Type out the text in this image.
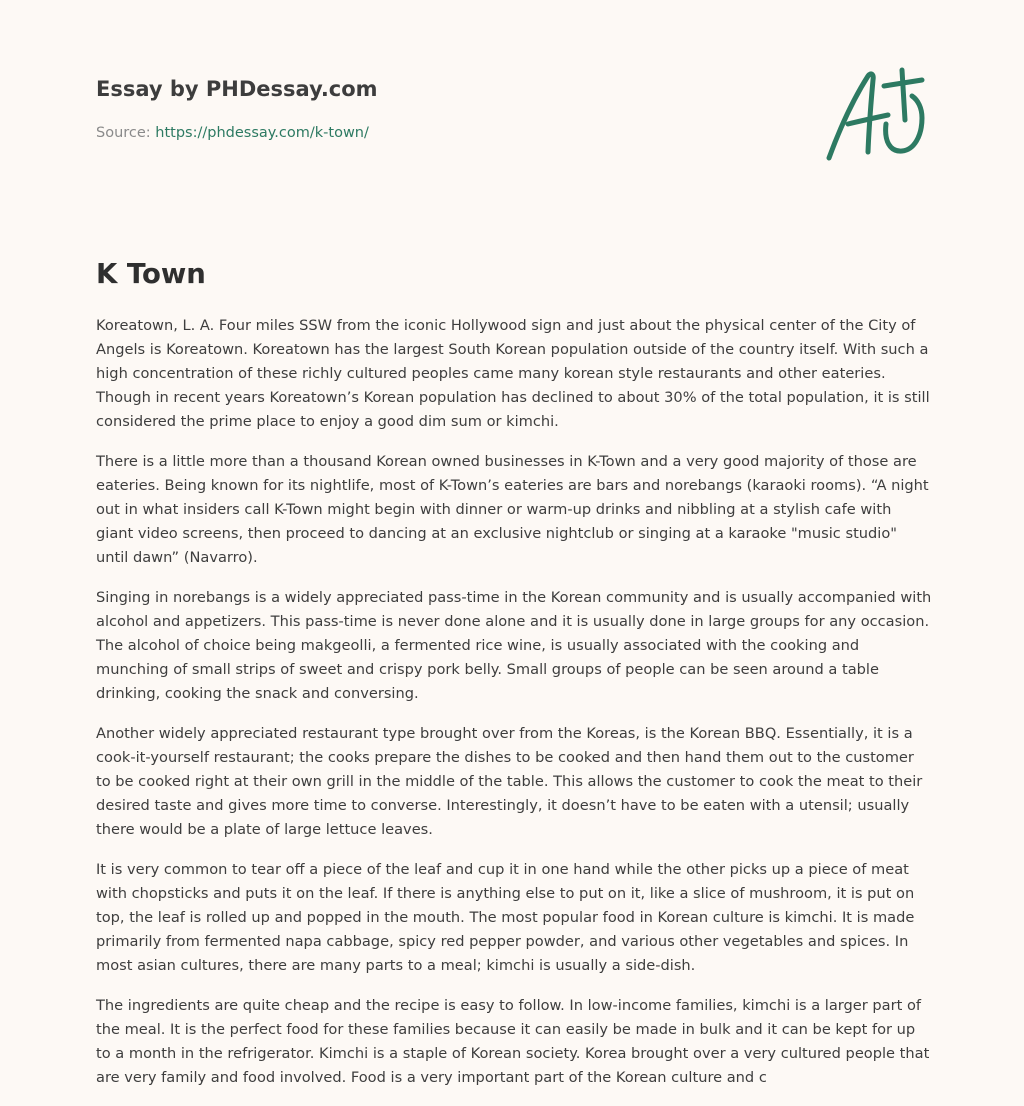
Essay by PHDessay.com
Source: https://phdessay.com/k-town/
K Town

Koreatown, L. A. Four miles SSW from the iconic Hollywood sign and just about the physical center of the City of Angels is Koreatown. Koreatown has the largest South Korean population outside of the country itself. With such a high concentration of these richly cultured peoples came many korean style restaurants and other eateries. Though in recent years Koreatown’s Korean population has declined to about 30% of the total population, it is still considered the prime place to enjoy a good dim sum or kimchi.

There is a little more than a thousand Korean owned businesses in K-Town and a very good majority of those are eateries. Being known for its nightlife, most of K-Town’s eateries are bars and norebangs (karaoki rooms). “A night out in what insiders call K-Town might begin with dinner or warm-up drinks and nibbling at a stylish cafe with giant video screens, then proceed to dancing at an exclusive nightclub or singing at a karaoke "music studio" until dawn” (Navarro).

Singing in norebangs is a widely appreciated pass-time in the Korean community and is usually accompanied with alcohol and appetizers. This pass-time is never done alone and it is usually done in large groups for any occasion. The alcohol of choice being makgeolli, a fermented rice wine, is usually associated with the cooking and munching of small strips of sweet and crispy pork belly. Small groups of people can be seen around a table drinking, cooking the snack and conversing.

Another widely appreciated restaurant type brought over from the Koreas, is the Korean BBQ. Essentially, it is a cook-it-yourself restaurant; the cooks prepare the dishes to be cooked and then hand them out to the customer to be cooked right at their own grill in the middle of the table. This allows the customer to cook the meat to their desired taste and gives more time to converse. Interestingly, it doesn’t have to be eaten with a utensil; usually there would be a plate of large lettuce leaves.

It is very common to tear off a piece of the leaf and cup it in one hand while the other picks up a piece of meat with chopsticks and puts it on the leaf. If there is anything else to put on it, like a slice of mushroom, it is put on top, the leaf is rolled up and popped in the mouth. The most popular food in Korean culture is kimchi. It is made primarily from fermented napa cabbage, spicy red pepper powder, and various other vegetables and spices. In most asian cultures, there are many parts to a meal; kimchi is usually a side-dish.

The ingredients are quite cheap and the recipe is easy to follow. In low-income families, kimchi is a larger part of the meal. It is the perfect food for these families because it can easily be made in bulk and it can be kept for up to a month in the refrigerator. Kimchi is a staple of Korean society. Korea brought over a very cultured people that are very family and food involved. Food is a very important part of the Korean culture and c
